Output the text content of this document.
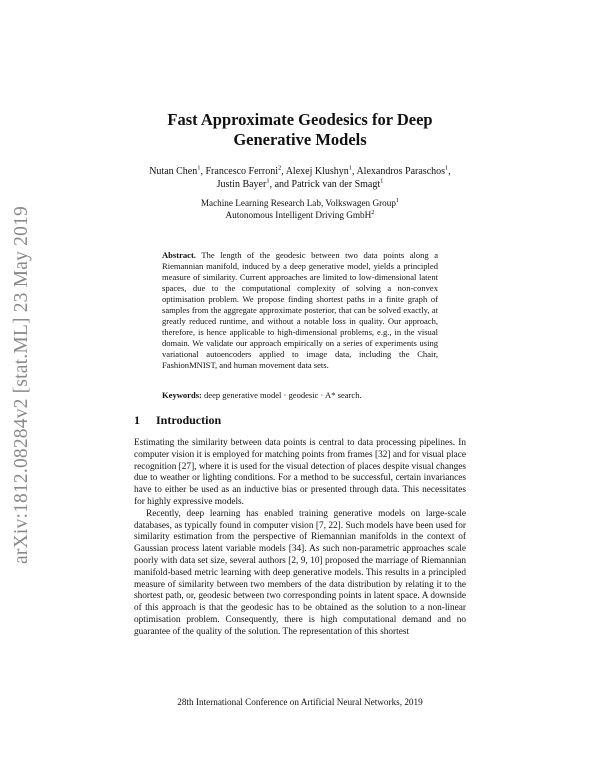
arXiv:1812.08284v2 [stat.ML] 23 May 2019
Fast Approximate Geodesics for Deep Generative Models
Nutan Chen$^1$, Francesco Ferroni$^2$, Alexej Klushyn$^1$, Alexandros Paraschos$^1$,
Justin Bayer$^1$, and Patrick van der Smagt$^1$
Machine Learning Research Lab, Volkswagen Group$^1$
Autonomous Intelligent Driving GmbH$^2$
Abstract. The length of the geodesic between two data points along a Riemannian manifold, induced by a deep generative model, yields a principled measure of similarity. Current approaches are limited to low-dimensional latent spaces, due to the computational complexity of solving a non-convex optimisation problem. We propose finding shortest paths in a finite graph of samples from the aggregate approximate posterior, that can be solved exactly, at greatly reduced runtime, and without a notable loss in quality. Our approach, therefore, is hence applicable to high-dimensional problems, e.g., in the visual domain. We validate our approach empirically on a series of experiments using variational autoencoders applied to image data, including the Chair, FashionMNIST, and human movement data sets.
Keywords: deep generative model · geodesic · A* search.
1 Introduction

Estimating the similarity between data points is central to data processing pipelines. In computer vision it is employed for matching points from frames [32] and for visual place recognition [27], where it is used for the visual detection of places despite visual changes due to weather or lighting conditions. For a method to be successful, certain invariances have to either be used as an inductive bias or presented through data. This necessitates for highly expressive models.

Recently, deep learning has enabled training generative models on large-scale databases, as typically found in computer vision [7, 22]. Such models have been used for similarity estimation from the perspective of Riemannian manifolds in the context of Gaussian process latent variable models [34]. As such non-parametric approaches scale poorly with data set size, several authors [2, 9, 10] proposed the marriage of Riemannian manifold-based metric learning with deep generative models. This results in a principled measure of similarity between two members of the data distribution by relating it to the shortest path, or, geodesic between two corresponding points in latent space. A downside of this approach is that the geodesic has to be obtained as the solution to a non-linear optimisation problem. Consequently, there is high computational demand and no guarantee of the quality of the solution. The representation of this shortest

28th International Conference on Artificial Neural Networks, 2019
